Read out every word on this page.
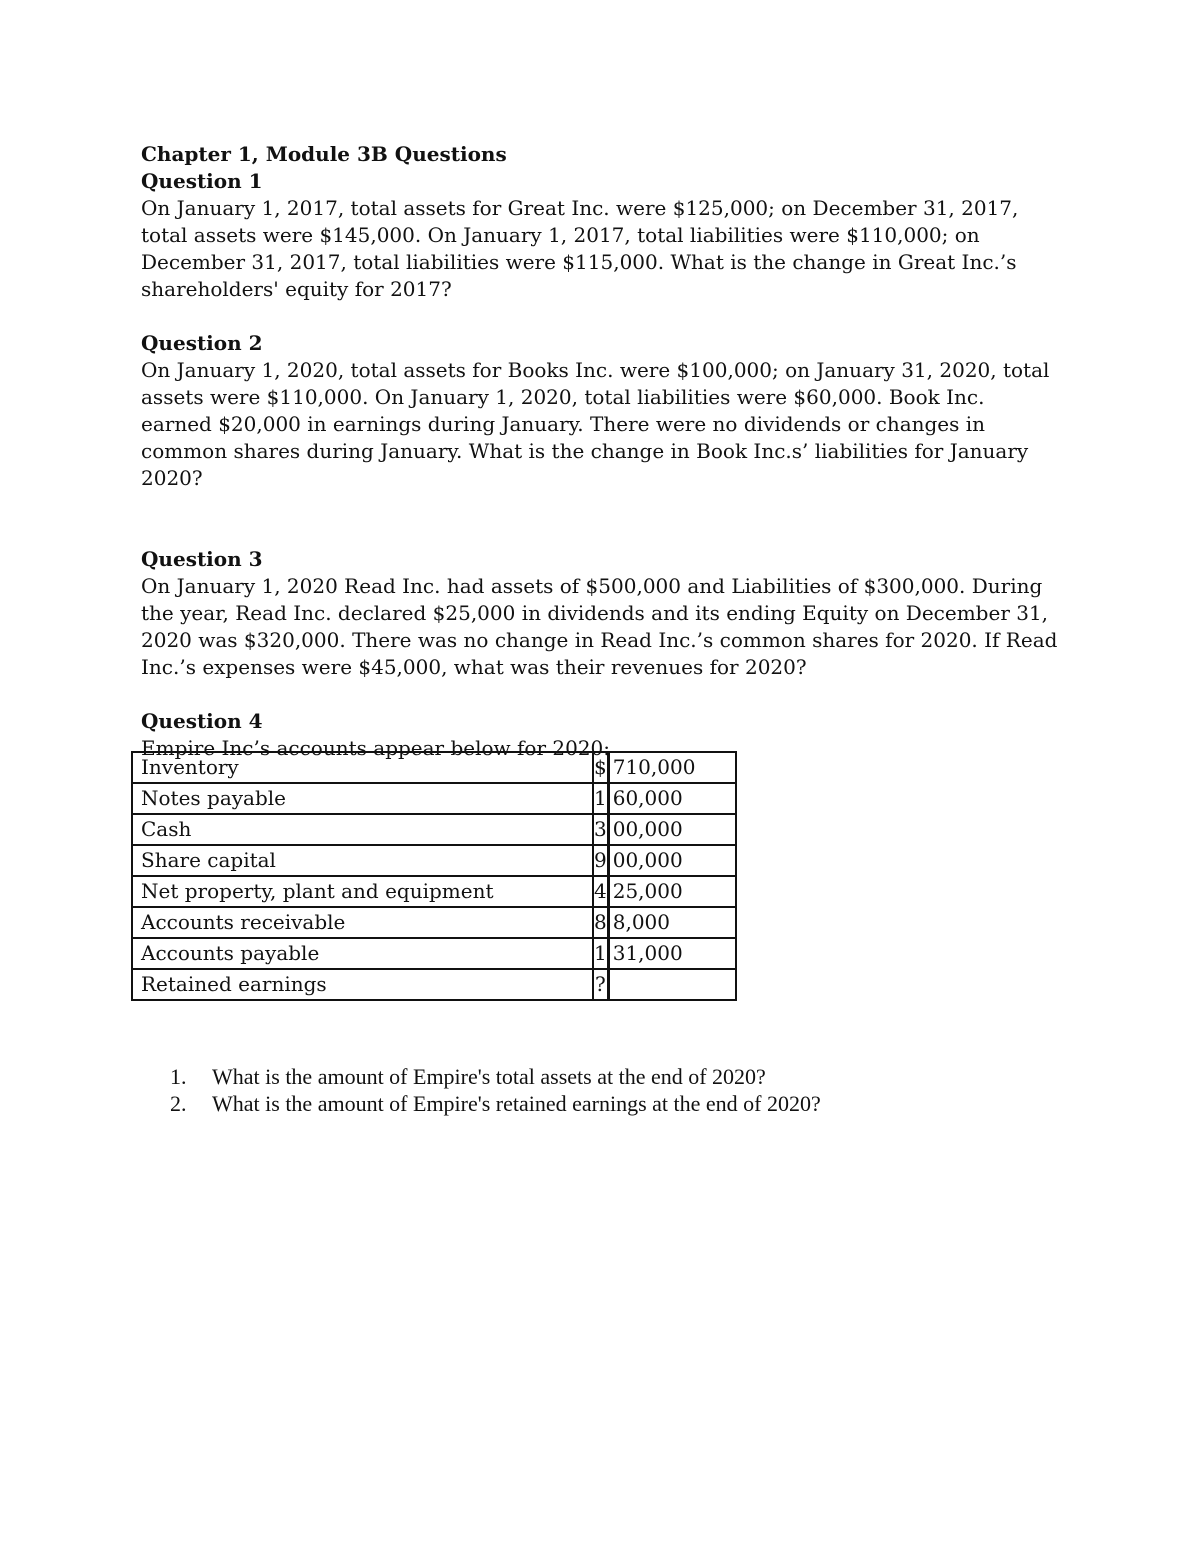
Chapter 1, Module 3B Questions

Question 1

On January 1, 2017, total assets for Great Inc. were $125,000; on December 31, 2017, total assets were $145,000. On January 1, 2017, total liabilities were $110,000; on December 31, 2017, total liabilities were $115,000. What is the change in Great Inc.’s shareholders' equity for 2017?

Question 2

On January 1, 2020, total assets for Books Inc. were $100,000; on January 31, 2020, total assets were $110,000. On January 1, 2020, total liabilities were $60,000. Book Inc. earned $20,000 in earnings during January. There were no dividends or changes in common shares during January. What is the change in Book Inc.s’ liabilities for January 2020?

Question 3

On January 1, 2020 Read Inc. had assets of $500,000 and Liabilities of $300,000. During the year, Read Inc. declared $25,000 in dividends and its ending Equity on December 31, 2020 was $320,000. There was no change in Read Inc.’s common shares for 2020. If Read Inc.’s expenses were $45,000, what was their revenues for 2020?

Question 4

Empire Inc’s accounts appear below for 2020:

Inventory	$	710,000
Notes payable	1	60,000
Cash	3	00,000
Share capital	9	00,000
Net property, plant and equipment	4	25,000
Accounts receivable	8	8,000
Accounts payable	1	31,000
Retained earnings	?	
1.	What is the amount of Empire's total assets at the end of 2020?
2.	What is the amount of Empire's retained earnings at the end of 2020?
